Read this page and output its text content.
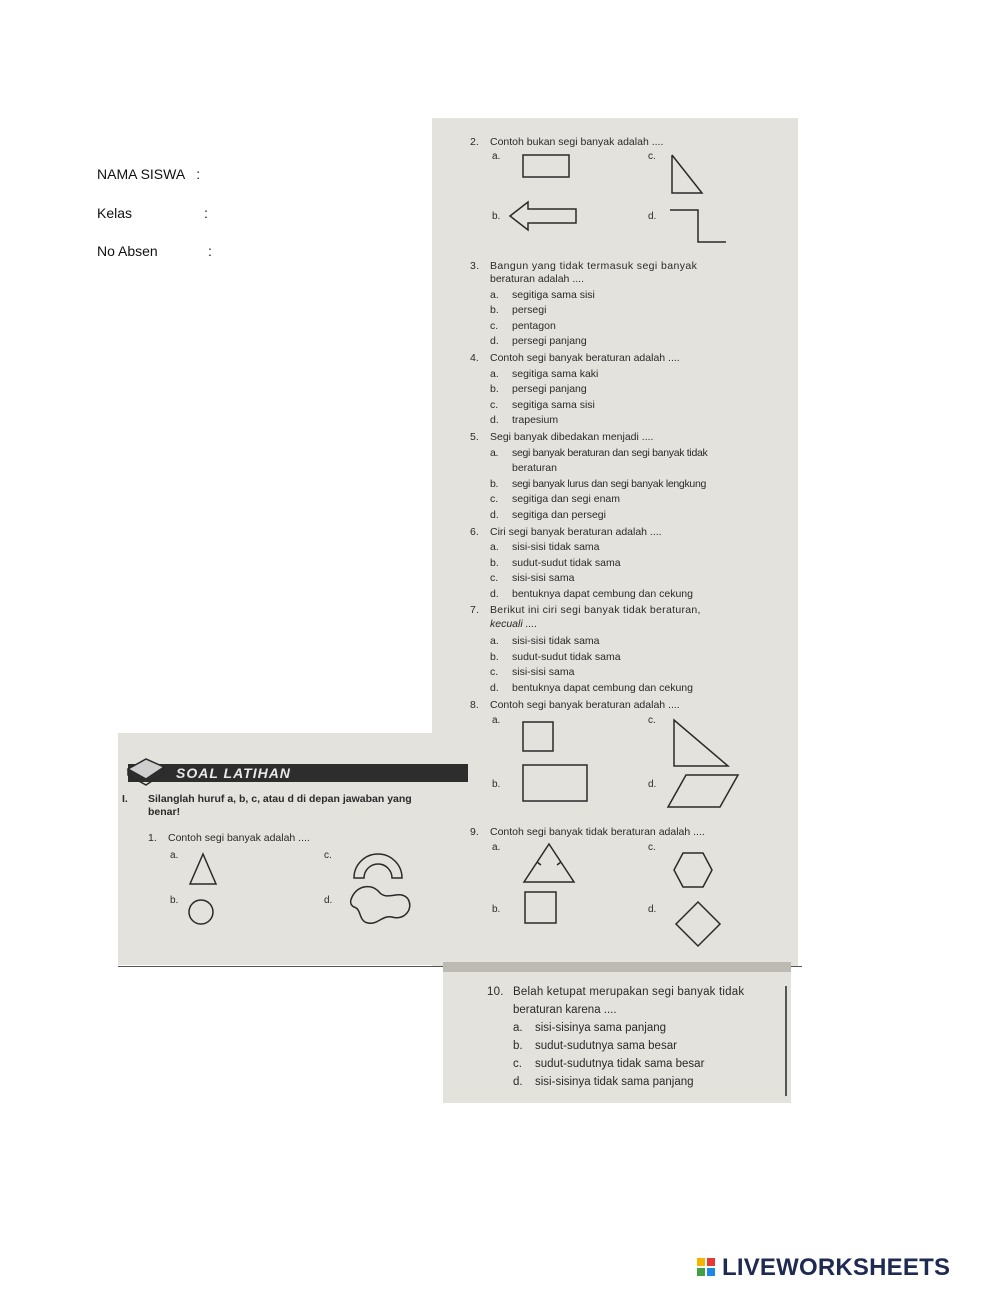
NAMA SISWA :
Kelas	:
No Absen	:
2. Contoh bukan segi banyak adalah ....
a.	c.
b.	d.
3. Bangun yang tidak termasuk segi banyak
beraturan adalah ....
a. segitiga sama sisi
b. persegi
c. pentagon
d. persegi panjang
4. Contoh segi banyak beraturan adalah ....
a. segitiga sama kaki
b. persegi panjang
c. segitiga sama sisi
d. trapesium
5. Segi banyak dibedakan menjadi ....
a. segi banyak beraturan dan segi banyak tidak
beraturan
b. segi banyak lurus dan segi banyak lengkung
c. segitiga dan segi enam
d. segitiga dan persegi
6. Ciri segi banyak beraturan adalah ....
a. sisi-sisi tidak sama
b. sudut-sudut tidak sama
c. sisi-sisi sama
d. bentuknya dapat cembung dan cekung
7. Berikut ini ciri segi banyak tidak beraturan,
kecuali ....
a. sisi-sisi tidak sama
b. sudut-sudut tidak sama
c. sisi-sisi sama
d. bentuknya dapat cembung dan cekung
8. Contoh segi banyak beraturan adalah ....
a.	c.
b.	d.
9. Contoh segi banyak tidak beraturan adalah ....
a.	c.
b.	d.
SOAL LATIHAN
I. Silanglah huruf a, b, c, atau d di depan jawaban yang benar!
1. Contoh segi banyak adalah ....
a.	c.
b.	d.
10. Belah ketupat merupakan segi banyak tidak
beraturan karena ....
a. sisi-sisinya sama panjang
b. sudut-sudutnya sama besar
c. sudut-sudutnya tidak sama besar
d. sisi-sisinya tidak sama panjang
LIVEWORKSHEETS
